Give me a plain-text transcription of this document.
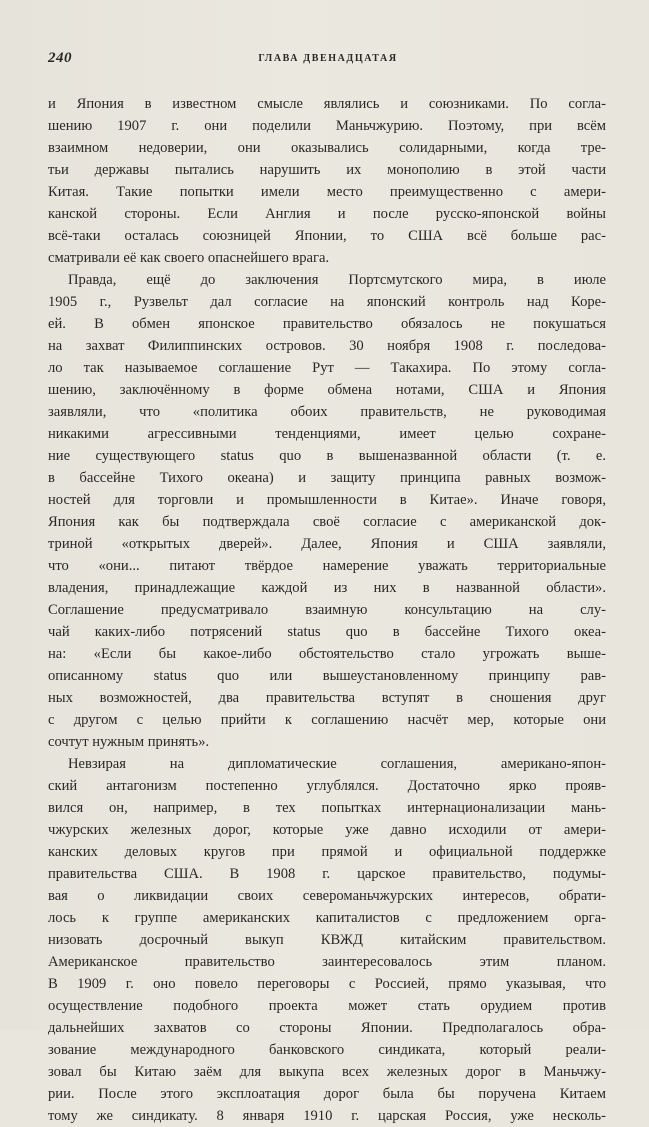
240	ГЛАВА ДВЕНАДЦАТАЯ
и Япония в известном смысле являлись и союзниками. По согла-
шению 1907 г. они поделили Маньчжурию. Поэтому, при всём
взаимном недоверии, они оказывались солидарными, когда тре-
тьи державы пытались нарушить их монополию в этой части
Китая. Такие попытки имели место преимущественно с амери-
канской стороны. Если Англия и после русско-японской войны
всё-таки осталась союзницей Японии, то США всё больше рас-
сматривали её как своего опаснейшего врага.
Правда, ещё до заключения Портсмутского мира, в июле
1905 г., Рузвельт дал согласие на японский контроль над Коре-
ей. В обмен японское правительство обязалось не покушаться
на захват Филиппинских островов. 30 ноября 1908 г. последова-
ло так называемое соглашение Рут — Такахира. По этому согла-
шению, заключённому в форме обмена нотами, США и Япония
заявляли, что «политика обоих правительств, не руководимая
никакими агрессивными тенденциями, имеет целью сохране-
ние существующего status quo в вышеназванной области (т. е.
в бассейне Тихого океана) и защиту принципа равных возмож-
ностей для торговли и промышленности в Китае». Иначе говоря,
Япония как бы подтверждала своё согласие с американской док-
триной «открытых дверей». Далее, Япония и США заявляли,
что «они... питают твёрдое намерение уважать территориальные
владения, принадлежащие каждой из них в названной области».
Соглашение предусматривало взаимную консультацию на слу-
чай каких-либо потрясений status quo в бассейне Тихого океа-
на: «Если бы какое-либо обстоятельство стало угрожать выше-
описанному status quo или вышеустановленному принципу рав-
ных возможностей, два правительства вступят в сношения друг
с другом с целью прийти к соглашению насчёт мер, которые они
сочтут нужным принять».
Невзирая на дипломатические соглашения, американо-япон-
ский антагонизм постепенно углублялся. Достаточно ярко прояв-
вился он, например, в тех попытках интернационализации мань-
чжурских железных дорог, которые уже давно исходили от амери-
канских деловых кругов при прямой и официальной поддержке
правительства США. В 1908 г. царское правительство, подумы-
вая о ликвидации своих североманьчжурских интересов, обрати-
лось к группе американских капиталистов с предложением орга-
низовать досрочный выкуп КВЖД китайским правительством.
Американское правительство заинтересовалось этим планом.
В 1909 г. оно повело переговоры с Россией, прямо указывая, что
осуществление подобного проекта может стать орудием против
дальнейших захватов со стороны Японии. Предполагалось обра-
зование международного банковского синдиката, который реали-
зовал бы Китаю заём для выкупа всех железных дорог в Маньчжу-
рии. После этого эксплоатация дорог была бы поручена Китаем
тому же синдикату. 8 января 1910 г. царская Россия, уже несколь-
